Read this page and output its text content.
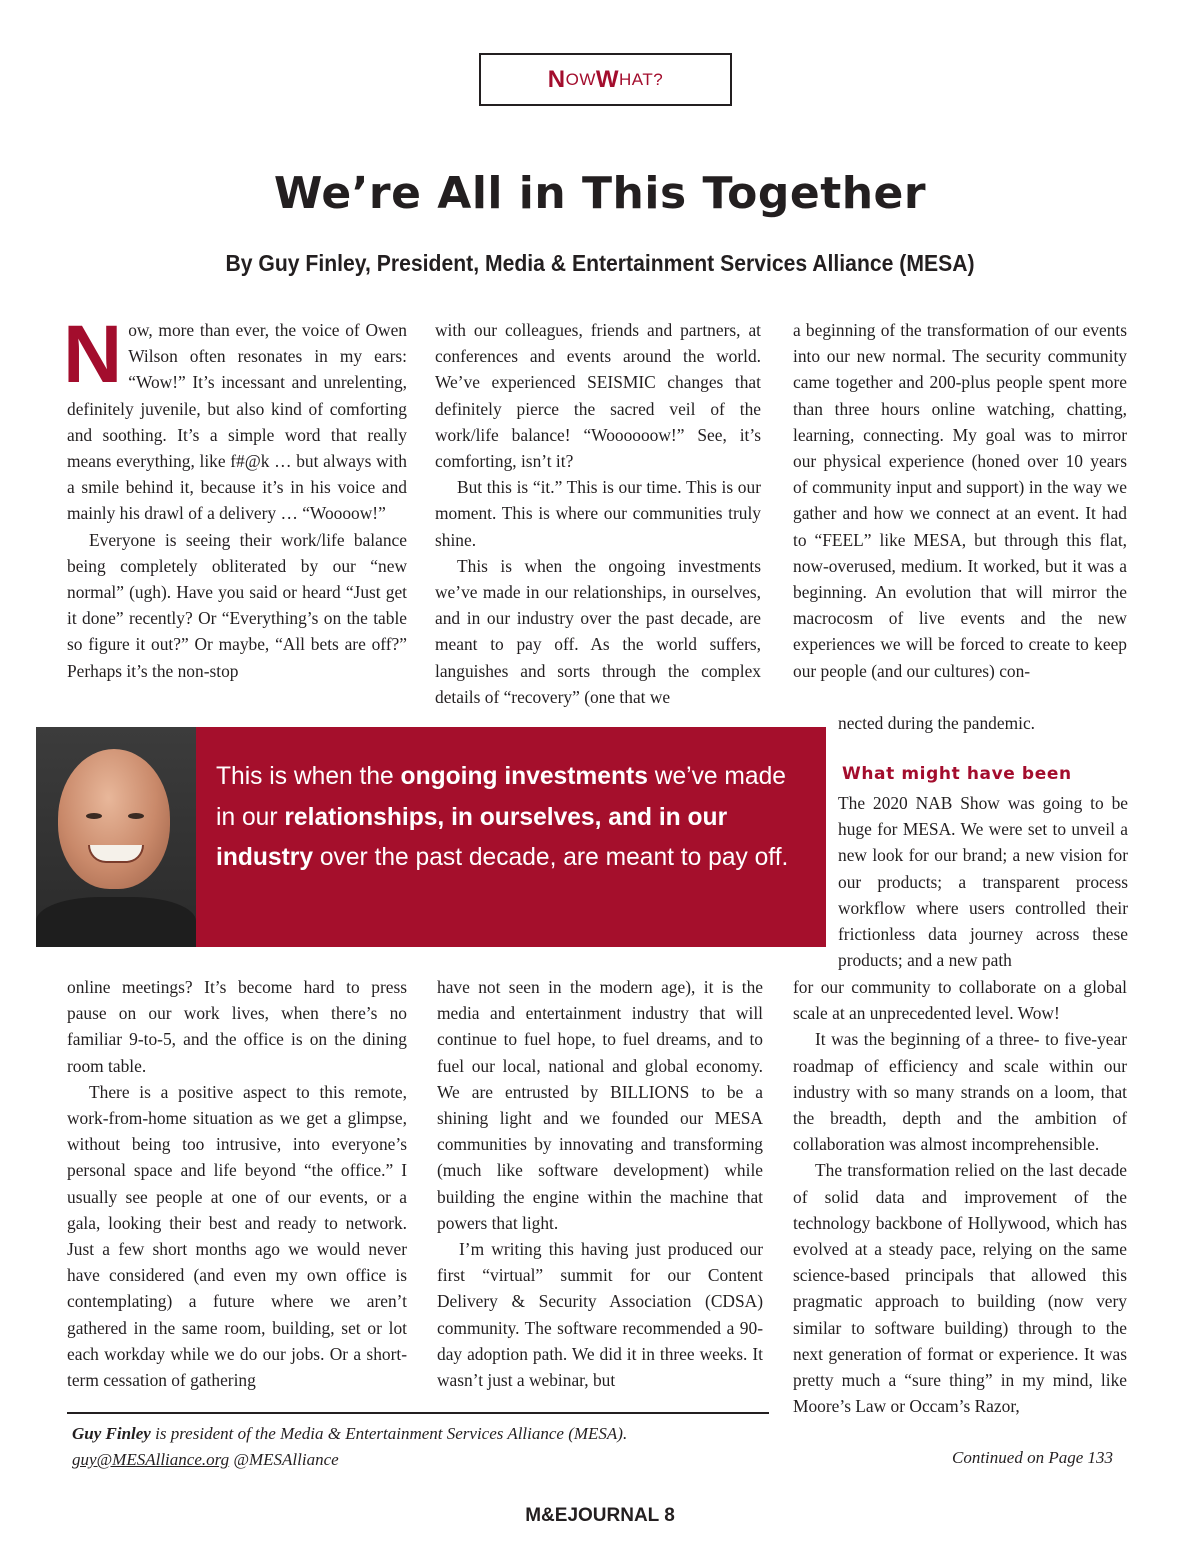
N OW W HAT?
We’re All in This Together
By Guy Finley, President, Media & Entertainment Services Alliance (MESA)

Now, more than ever, the voice of Owen Wilson often resonates in my ears: “Wow!” It’s incessant and unrelenting, definitely juvenile, but also kind of comforting and soothing. It’s a simple word that really means everything, like f#@k … but always with a smile behind it, because it’s in his voice and mainly his drawl of a delivery … “Woooow!”

Everyone is seeing their work/life balance being completely obliterated by our “new normal” (ugh). Have you said or heard “Just get it done” recently? Or “Everything’s on the table so figure it out?” Or maybe, “All bets are off?” Perhaps it’s the non-stop

with our colleagues, friends and partners, at conferences and events around the world. We’ve experienced SEISMIC changes that definitely pierce the sacred veil of the work/life balance! “Woooooow!” See, it’s comforting, isn’t it?

But this is “it.” This is our time. This is our moment. This is where our communities truly shine.

This is when the ongoing investments we’ve made in our relationships, in ourselves, and in our industry over the past decade, are meant to pay off. As the world suffers, languishes and sorts through the complex details of “recovery” (one that we

a beginning of the transformation of our events into our new normal. The security community came together and 200-plus people spent more than three hours online watching, chatting, learning, connecting. My goal was to mirror our physical experience (honed over 10 years of community input and support) in the way we gather and how we connect at an event. It had to “FEEL” like MESA, but through this flat, now-overused, medium. It worked, but it was a beginning. An evolution that will mirror the macrocosm of live events and the new experiences we will be forced to create to keep our people (and our cultures) con-

nected during the pandemic.

What might have been

The 2020 NAB Show was going to be huge for MESA. We were set to unveil a new look for our brand; a new vision for our products; a transparent process workflow where users controlled their frictionless data journey across these products; and a new path

This is when the ongoing investments we’ve made in our relationships, in ourselves, and in our industry over the past decade, are meant to pay off.

online meetings? It’s become hard to press pause on our work lives, when there’s no familiar 9-to-5, and the office is on the dining room table.

There is a positive aspect to this remote, work-from-home situation as we get a glimpse, without being too intrusive, into everyone’s personal space and life beyond “the office.” I usually see people at one of our events, or a gala, looking their best and ready to network. Just a few short months ago we would never have considered (and even my own office is contemplating) a future where we aren’t gathered in the same room, building, set or lot each workday while we do our jobs. Or a short-term cessation of gathering

have not seen in the modern age), it is the media and entertainment industry that will continue to fuel hope, to fuel dreams, and to fuel our local, national and global economy. We are entrusted by BILLIONS to be a shining light and we founded our MESA communities by innovating and transforming (much like software development) while building the engine within the machine that powers that light.

I’m writing this having just produced our first “virtual” summit for our Content Delivery & Security Association (CDSA) community. The software recommended a 90-day adoption path. We did it in three weeks. It wasn’t just a webinar, but

for our community to collaborate on a global scale at an unprecedented level. Wow!

It was the beginning of a three- to five-year roadmap of efficiency and scale within our industry with so many strands on a loom, that the breadth, depth and the ambition of collaboration was almost incomprehensible.

The transformation relied on the last decade of solid data and improvement of the technology backbone of Hollywood, which has evolved at a steady pace, relying on the same science-based principals that allowed this pragmatic approach to building (now very similar to software building) through to the next generation of format or experience. It was pretty much a “sure thing” in my mind, like Moore’s Law or Occam’s Razor,

Guy Finley is president of the Media & Entertainment Services Alliance (MESA).
guy@MESAlliance.org @MESAlliance	Continued on Page 133
M&EJOURNAL 8
